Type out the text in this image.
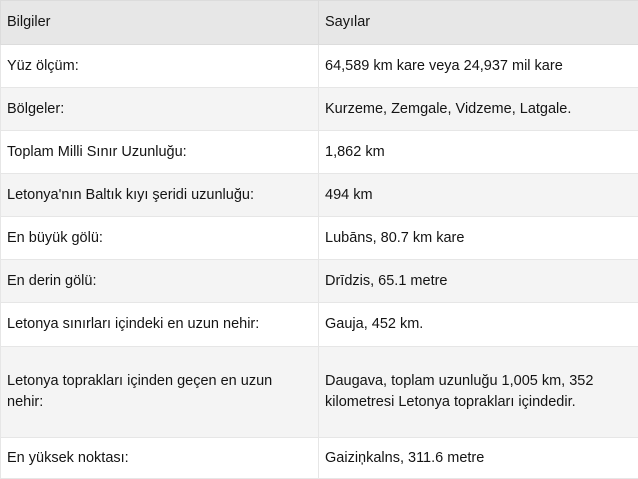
Bilgiler	Sayılar
Yüz ölçüm:	64,589 km kare veya 24,937 mil kare
Bölgeler:	Kurzeme, Zemgale, Vidzeme, Latgale.
Toplam Milli Sınır Uzunluğu:	1,862 km
Letonya'nın Baltık kıyı şeridi uzunluğu:	494 km
En büyük gölü:	Lubāns, 80.7 km kare
En derin gölü:	Drīdzis, 65.1 metre
Letonya sınırları içindeki en uzun nehir:	Gauja, 452 km.
Letonya toprakları içinden geçen en uzun nehir:	Daugava, toplam uzunluğu 1,005 km, 352 kilometresi Letonya toprakları içindedir.
En yüksek noktası:	Gaiziņkalns, 311.6 metre
